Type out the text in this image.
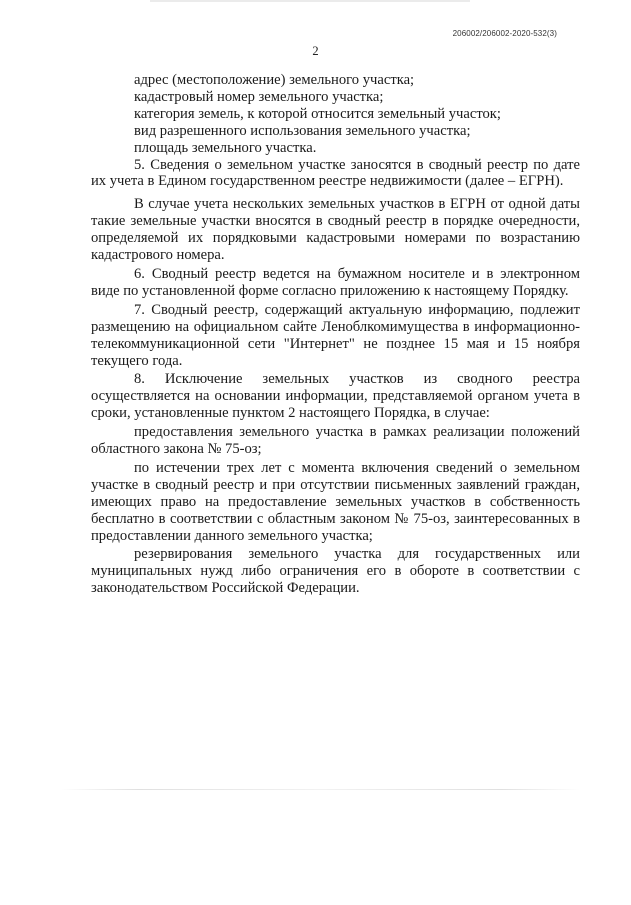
206002/206002-2020-532(3)
2

адрес (местоположение) земельного участка;

кадастровый номер земельного участка;

категория земель, к которой относится земельный участок;

вид разрешенного использования земельного участка;

площадь земельного участка.

5. Сведения о земельном участке заносятся в сводный реестр по дате их учета в Едином государственном реестре недвижимости (далее – ЕГРН).

В случае учета нескольких земельных участков в ЕГРН от одной даты такие земельные участки вносятся в сводный реестр в порядке очередности, определяемой их порядковыми кадастровыми номерами по возрастанию кадастрового номера.

6. Сводный реестр ведется на бумажном носителе и в электронном виде по установленной форме согласно приложению к настоящему Порядку.

7. Сводный реестр, содержащий актуальную информацию, подлежит размещению на официальном сайте Леноблкомимущества в информационно-телекоммуникационной сети "Интернет" не позднее 15 мая и 15 ноября текущего года.

8. Исключение земельных участков из сводного реестра осуществляется на основании информации, представляемой органом учета в сроки, установленные пунктом 2 настоящего Порядка, в случае:

предоставления земельного участка в рамках реализации положений областного закона № 75-оз;

по истечении трех лет с момента включения сведений о земельном участке в сводный реестр и при отсутствии письменных заявлений граждан, имеющих право на предоставление земельных участков в собственность бесплатно в соответствии с областным законом № 75-оз, заинтересованных в предоставлении данного земельного участка;

резервирования земельного участка для государственных или муниципальных нужд либо ограничения его в обороте в соответствии с законодательством Российской Федерации.
